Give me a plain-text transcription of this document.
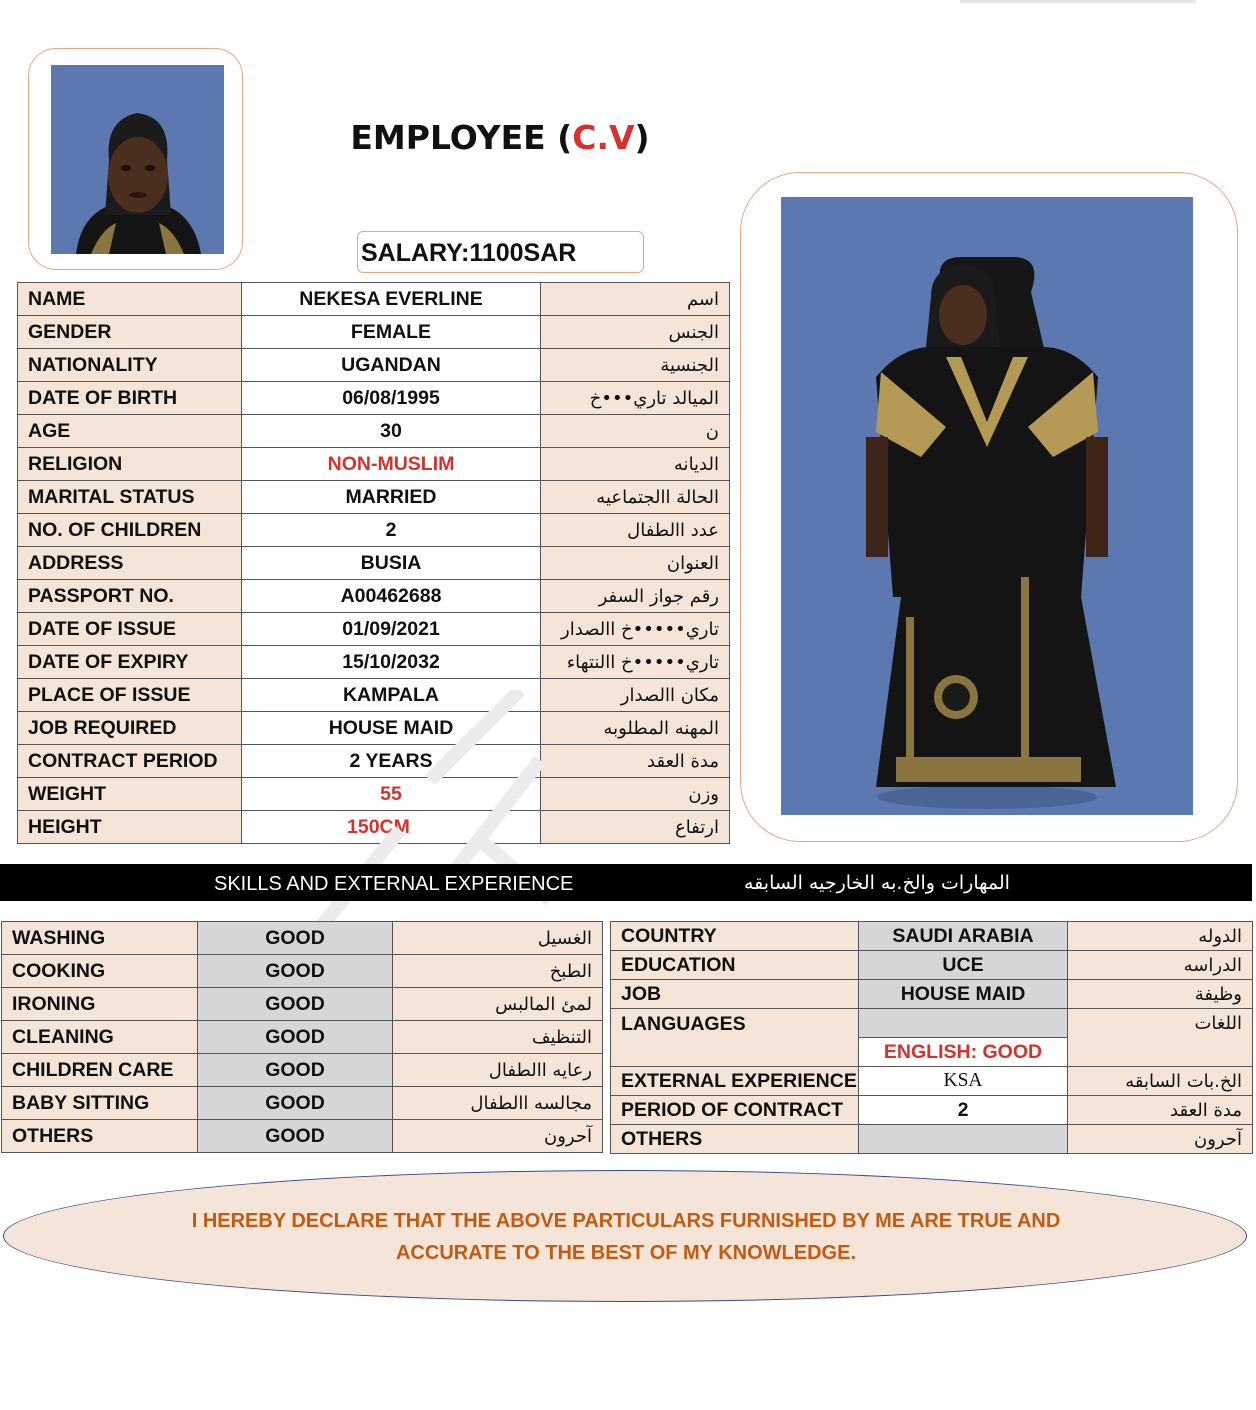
EMPLOYEE (C.V)
SALARY:1100SAR
NAME	NEKESA EVERLINE	اسم
GENDER	FEMALE	الجنس
NATIONALITY	UGANDAN	الجنسية
DATE OF BIRTH	06/08/1995	الميالد تاري•••خ
AGE	30	ن
RELIGION	NON-MUSLIM	الديانه
MARITAL STATUS	MARRIED	الحالة االجتماعيه
NO. OF CHILDREN	2	عدد االطفال
ADDRESS	BUSIA	العنوان
PASSPORT NO.	A00462688	رقم جواز السفر
DATE OF ISSUE	01/09/2021	تاري•••••خ االصدار
DATE OF EXPIRY	15/10/2032	تاري•••••خ االنتهاء
PLACE OF ISSUE	KAMPALA	مكان االصدار
JOB REQUIRED	HOUSE MAID	المهنه المطلوبه
CONTRACT PERIOD	2 YEARS	مدة العقد
WEIGHT	55	وزن
HEIGHT	150CM	ارتفاع
SKILLS AND EXTERNAL EXPERIENCE	المهارات والخ.به الخارجيه السابقه
WASHING	GOOD	الغسيل
COOKING	GOOD	الطبخ
IRONING	GOOD	لمئ المالبس
CLEANING	GOOD	التنظيف
CHILDREN CARE	GOOD	رعايه االطفال
BABY SITTING	GOOD	مجالسه االطفال
OTHERS	GOOD	آحرون
COUNTRY	SAUDI ARABIA	الدوله
EDUCATION	UCE	الدراسه
JOB	HOUSE MAID	وظيفة
LANGUAGES		اللغات
	ENGLISH: GOOD	
EXTERNAL EXPERIENCE	KSA	الخ.بات السابقه
PERIOD OF CONTRACT	2	مدة العقد
OTHERS		آحرون
I HEREBY DECLARE THAT THE ABOVE PARTICULARS FURNISHED BY ME ARE TRUE AND ACCURATE TO THE BEST OF MY KNOWLEDGE.
